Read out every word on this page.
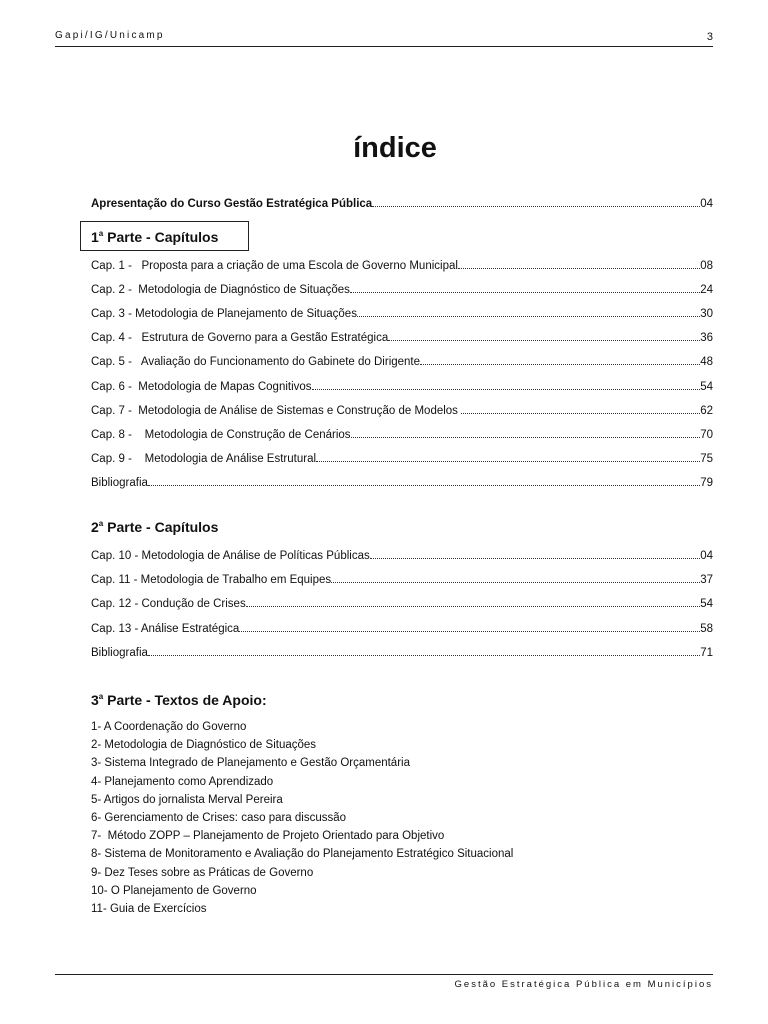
Gapi/IG/Unicamp	3
índice
Apresentação do Curso Gestão Estratégica Pública	04
1$^a$ Parte - Capítulos
Cap. 1 -   Proposta para a criação de uma Escola de Governo Municipal	08
Cap. 2 -  Metodologia de Diagnóstico de Situações	24
Cap. 3 - Metodologia de Planejamento de Situações	30
Cap. 4 -   Estrutura de Governo para a Gestão Estratégica	36
Cap. 5 -   Avaliação do Funcionamento do Gabinete do Dirigente	48
Cap. 6 -  Metodologia de Mapas Cognitivos	54
Cap. 7 -  Metodologia de Análise de Sistemas e Construção de Modelos	62
Cap. 8 -    Metodologia de Construção de Cenários	70
Cap. 9 -    Metodologia de Análise Estrutural	75
Bibliografia	79
2$^a$ Parte - Capítulos
Cap. 10 - Metodologia de Análise de Políticas Públicas	04
Cap. 11 - Metodologia de Trabalho em Equipes	37
Cap. 12 - Condução de Crises	54
Cap. 13 - Análise Estratégica	58
Bibliografia	71
3$^a$ Parte - Textos de Apoio:
1- A Coordenação do Governo
2- Metodologia de Diagnóstico de Situações
3- Sistema Integrado de Planejamento e Gestão Orçamentária
4- Planejamento como Aprendizado
5- Artigos do jornalista Merval Pereira
6- Gerenciamento de Crises: caso para discussão
7-  Método ZOPP – Planejamento de Projeto Orientado para Objetivo
8- Sistema de Monitoramento e Avaliação do Planejamento Estratégico Situacional
9- Dez Teses sobre as Práticas de Governo
10- O Planejamento de Governo
11- Guia de Exercícios
Gestão Estratégica Pública em Municípios
